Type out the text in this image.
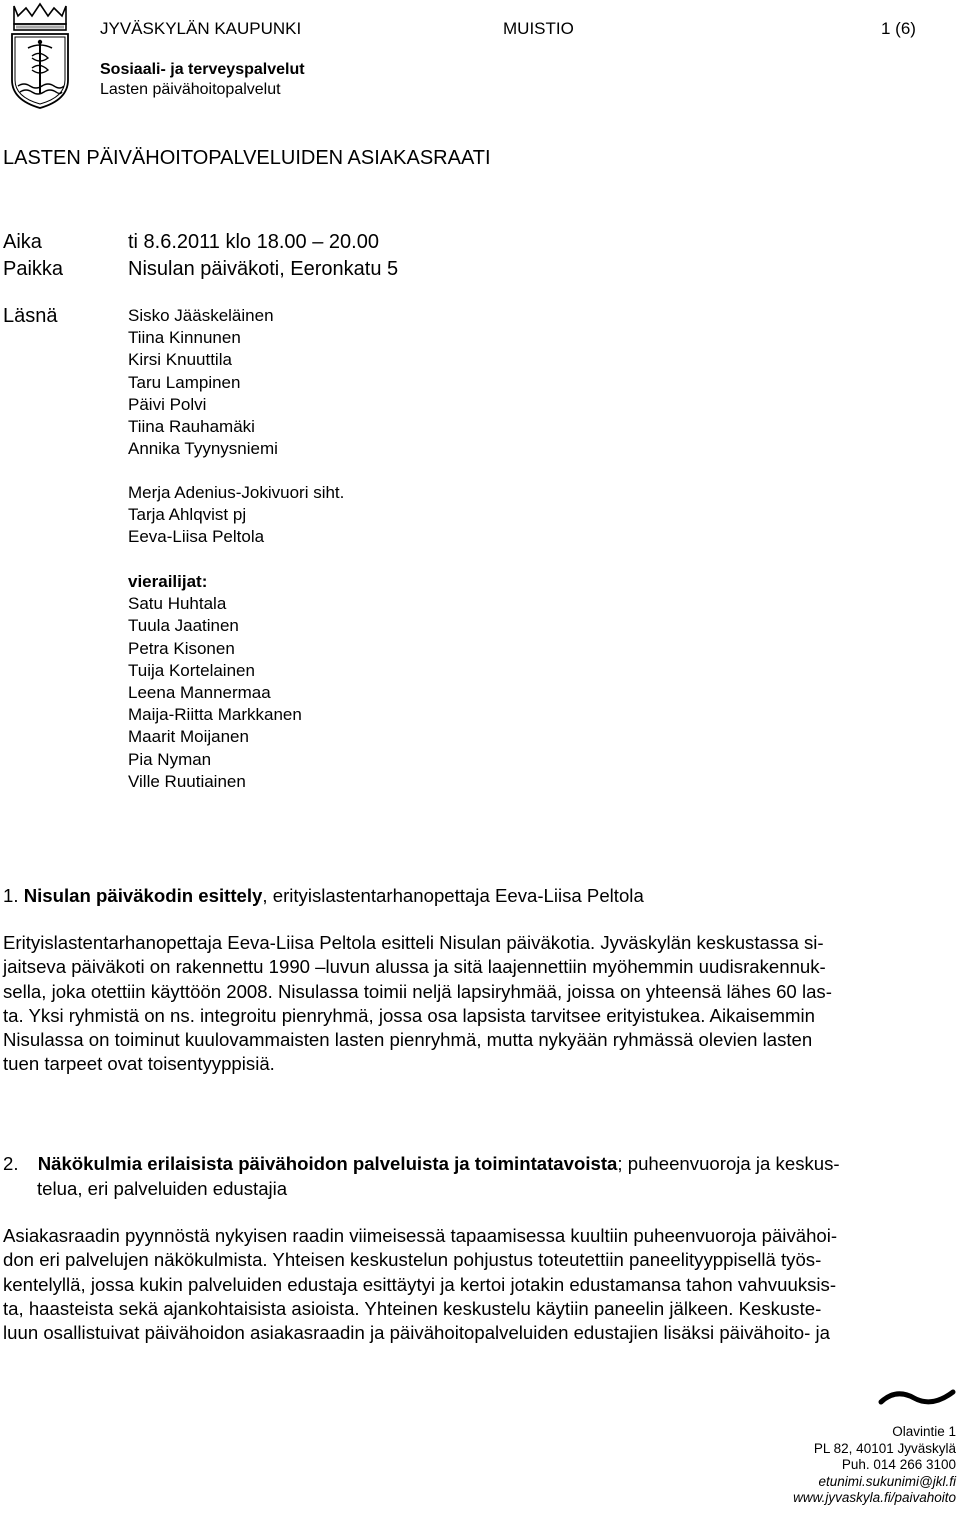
JYVÄSKYLÄN KAUPUNKI	MUISTIO	1 (6)
Sosiaali- ja terveyspalvelut
Lasten päivähoitopalvelut
LASTEN PÄIVÄHOITOPALVELUIDEN ASIAKASRAATI
Aika	ti 8.6.2011 klo 18.00 – 20.00
Paikka	Nisulan päiväkoti, Eeronkatu 5
Läsnä	Sisko Jääskeläinen
Tiina Kinnunen
Kirsi Knuuttila
Taru Lampinen
Päivi Polvi
Tiina Rauhamäki
Annika Tyynysniemi
Merja Adenius-Jokivuori siht.
Tarja Ahlqvist pj
Eeva-Liisa Peltola
vierailijat:
Satu Huhtala
Tuula Jaatinen
Petra Kisonen
Tuija Kortelainen
Leena Mannermaa
Maija-Riitta Markkanen
Maarit Moijanen
Pia Nyman
Ville Ruutiainen
1. Nisulan päiväkodin esittely, erityislastentarhanopettaja Eeva-Liisa Peltola
Erityislastentarhanopettaja Eeva-Liisa Peltola esitteli Nisulan päiväkotia. Jyväskylän keskustassa si-
jaitseva päiväkoti on rakennettu 1990 –luvun alussa ja sitä laajennettiin myöhemmin uudisrakennuk-
sella, joka otettiin käyttöön 2008. Nisulassa toimii neljä lapsiryhmää, joissa on yhteensä lähes 60 las-
ta. Yksi ryhmistä on ns. integroitu pienryhmä, jossa osa lapsista tarvitsee erityistukea. Aikaisemmin
Nisulassa on toiminut kuulovammaisten lasten pienryhmä, mutta nykyään ryhmässä olevien lasten
tuen tarpeet ovat toisentyyppisiä.
2. Näkökulmia erilaisista päivähoidon palveluista ja toimintatavoista; puheenvuoroja ja keskus-
telua, eri palveluiden edustajia
Asiakasraadin pyynnöstä nykyisen raadin viimeisessä tapaamisessa kuultiin puheenvuoroja päivähoi-
don eri palvelujen näkökulmista. Yhteisen keskustelun pohjustus toteutettiin paneelityyppisellä työs-
kentelyllä, jossa kukin palveluiden edustaja esittäytyi ja kertoi jotakin edustamansa tahon vahvuuksis-
ta, haasteista sekä ajankohtaisista asioista. Yhteinen keskustelu käytiin paneelin jälkeen. Keskuste-
luun osallistuivat päivähoidon asiakasraadin ja päivähoitopalveluiden edustajien lisäksi päivähoito- ja
Olavintie 1
PL 82, 40101 Jyväskylä
Puh. 014 266 3100
etunimi.sukunimi@jkl.fi
www.jyvaskyla.fi/paivahoito
